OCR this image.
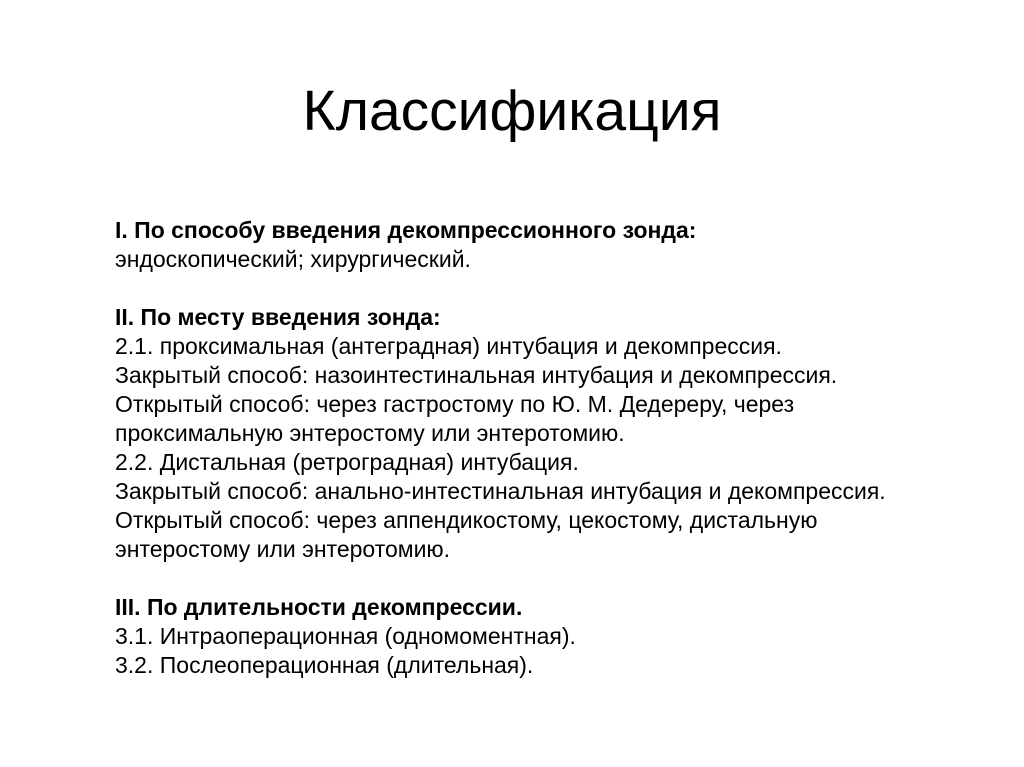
Классификация
I. По способу введения декомпрессионного зонда:
эндоскопический; хирургический.
II. По месту введения зонда:
2.1. проксимальная (антеградная) интубация и декомпрессия.
Закрытый способ: назоинтестинальная интубация и декомпрессия.
Открытый способ: через гастростому по Ю. М. Дедереру, через
проксимальную энтеростому или энтеротомию.
2.2. Дистальная (ретроградная) интубация.
Закрытый способ: анально-интестинальная интубация и декомпрессия.
Открытый способ: через аппендикостому, цекостому, дистальную
энтеростому или энтеротомию.
III. По длительности декомпрессии.
3.1. Интраоперационная (одномоментная).
3.2. Послеоперационная (длительная).
